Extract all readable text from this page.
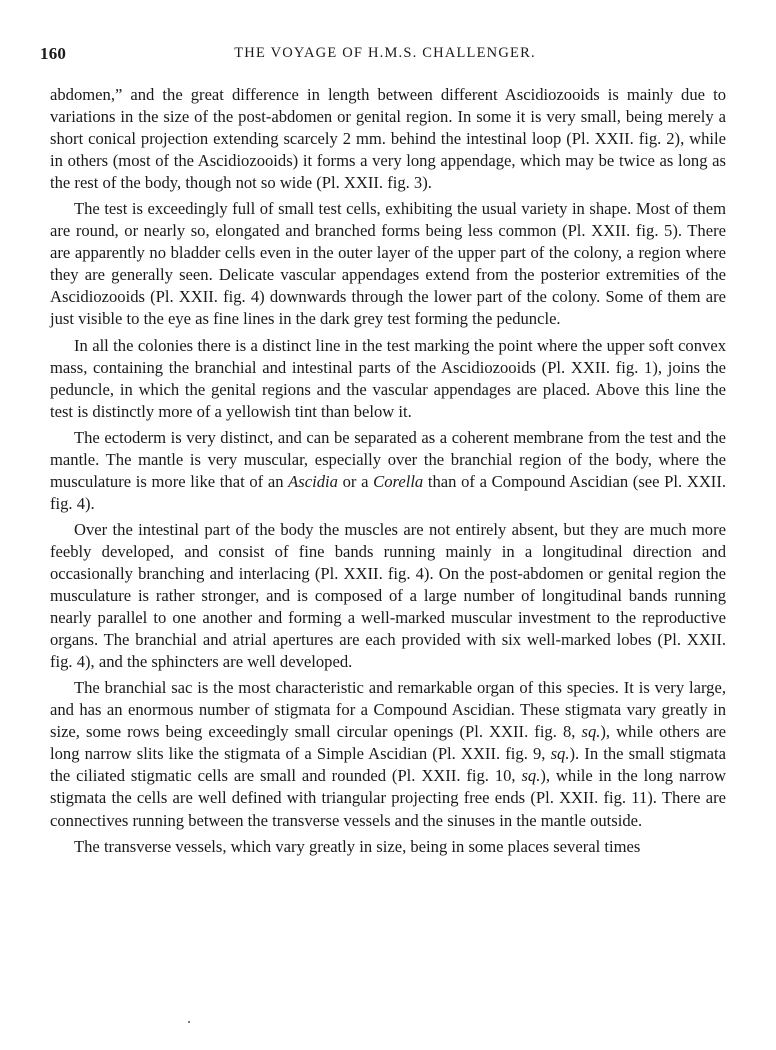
160	THE VOYAGE OF H.M.S. CHALLENGER.

abdomen,” and the great difference in length between different Ascidiozooids is mainly due to variations in the size of the post-abdomen or genital region. In some it is very small, being merely a short conical projection extending scarcely 2 mm. behind the intestinal loop (Pl. XXII. fig. 2), while in others (most of the Ascidiozooids) it forms a very long appendage, which may be twice as long as the rest of the body, though not so wide (Pl. XXII. fig. 3).

The test is exceedingly full of small test cells, exhibiting the usual variety in shape. Most of them are round, or nearly so, elongated and branched forms being less common (Pl. XXII. fig. 5). There are apparently no bladder cells even in the outer layer of the upper part of the colony, a region where they are generally seen. Delicate vascular appendages extend from the posterior extremities of the Ascidiozooids (Pl. XXII. fig. 4) downwards through the lower part of the colony. Some of them are just visible to the eye as fine lines in the dark grey test forming the peduncle.

In all the colonies there is a distinct line in the test marking the point where the upper soft convex mass, containing the branchial and intestinal parts of the Ascidiozooids (Pl. XXII. fig. 1), joins the peduncle, in which the genital regions and the vascular appendages are placed. Above this line the test is distinctly more of a yellowish tint than below it.

The ectoderm is very distinct, and can be separated as a coherent membrane from the test and the mantle. The mantle is very muscular, especially over the branchial region of the body, where the musculature is more like that of an Ascidia or a Corella than of a Compound Ascidian (see Pl. XXII. fig. 4).

Over the intestinal part of the body the muscles are not entirely absent, but they are much more feebly developed, and consist of fine bands running mainly in a longitudinal direction and occasionally branching and interlacing (Pl. XXII. fig. 4). On the post-abdomen or genital region the musculature is rather stronger, and is composed of a large number of longitudinal bands running nearly parallel to one another and forming a well-marked muscular investment to the reproductive organs. The branchial and atrial apertures are each provided with six well-marked lobes (Pl. XXII. fig. 4), and the sphincters are well developed.

The branchial sac is the most characteristic and remarkable organ of this species. It is very large, and has an enormous number of stigmata for a Compound Ascidian. These stigmata vary greatly in size, some rows being exceedingly small circular openings (Pl. XXII. fig. 8, sq.), while others are long narrow slits like the stigmata of a Simple Ascidian (Pl. XXII. fig. 9, sq.). In the small stigmata the ciliated stigmatic cells are small and rounded (Pl. XXII. fig. 10, sq.), while in the long narrow stigmata the cells are well defined with triangular projecting free ends (Pl. XXII. fig. 11). There are connectives running between the transverse vessels and the sinuses in the mantle outside.

The transverse vessels, which vary greatly in size, being in some places several times
